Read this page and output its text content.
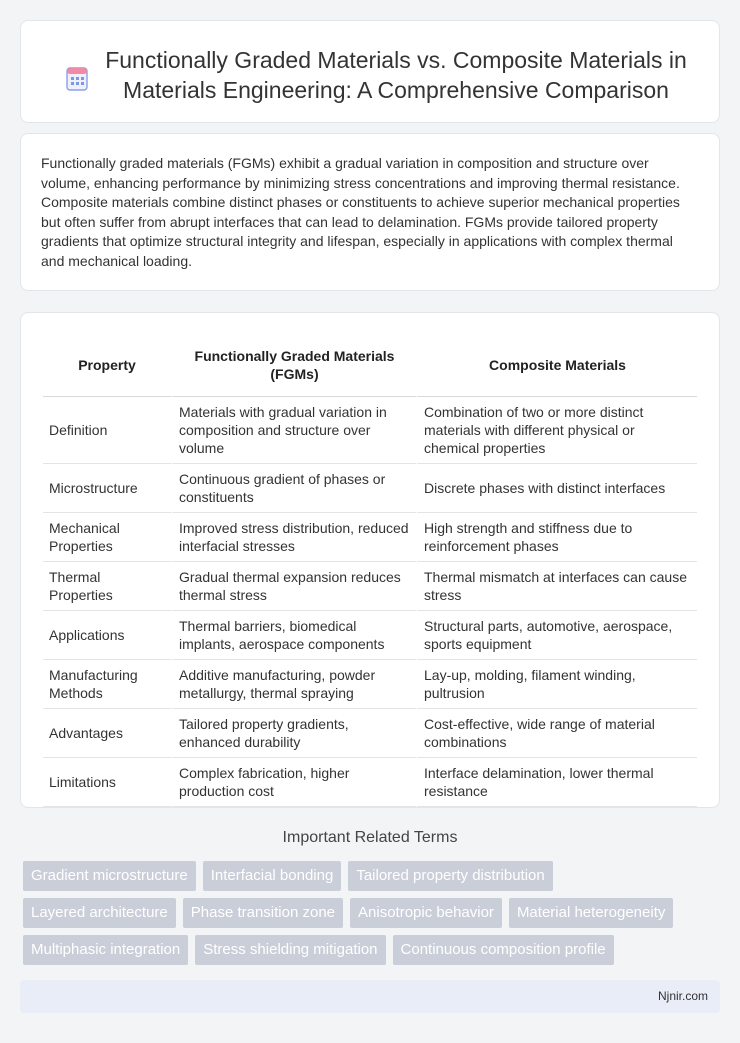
Functionally Graded Materials vs. Composite Materials in Materials Engineering: A Comprehensive Comparison

Functionally graded materials (FGMs) exhibit a gradual variation in composition and structure over volume, enhancing performance by minimizing stress concentrations and improving thermal resistance. Composite materials combine distinct phases or constituents to achieve superior mechanical properties but often suffer from abrupt interfaces that can lead to delamination. FGMs provide tailored property gradients that optimize structural integrity and lifespan, especially in applications with complex thermal and mechanical loading.

Property	Functionally Graded Materials (FGMs)	Composite Materials
Definition	Materials with gradual variation in composition and structure over volume	Combination of two or more distinct materials with different physical or chemical properties
Microstructure	Continuous gradient of phases or constituents	Discrete phases with distinct interfaces
Mechanical Properties	Improved stress distribution, reduced interfacial stresses	High strength and stiffness due to reinforcement phases
Thermal Properties	Gradual thermal expansion reduces thermal stress	Thermal mismatch at interfaces can cause stress
Applications	Thermal barriers, biomedical implants, aerospace components	Structural parts, automotive, aerospace, sports equipment
Manufacturing Methods	Additive manufacturing, powder metallurgy, thermal spraying	Lay-up, molding, filament winding, pultrusion
Advantages	Tailored property gradients, enhanced durability	Cost-effective, wide range of material combinations
Limitations	Complex fabrication, higher production cost	Interface delamination, lower thermal resistance
Important Related Terms
Gradient microstructure	Interfacial bonding	Tailored property distribution
Layered architecture	Phase transition zone	Anisotropic behavior	Material heterogeneity
Multiphasic integration	Stress shielding mitigation	Continuous composition profile
Njnir.com
